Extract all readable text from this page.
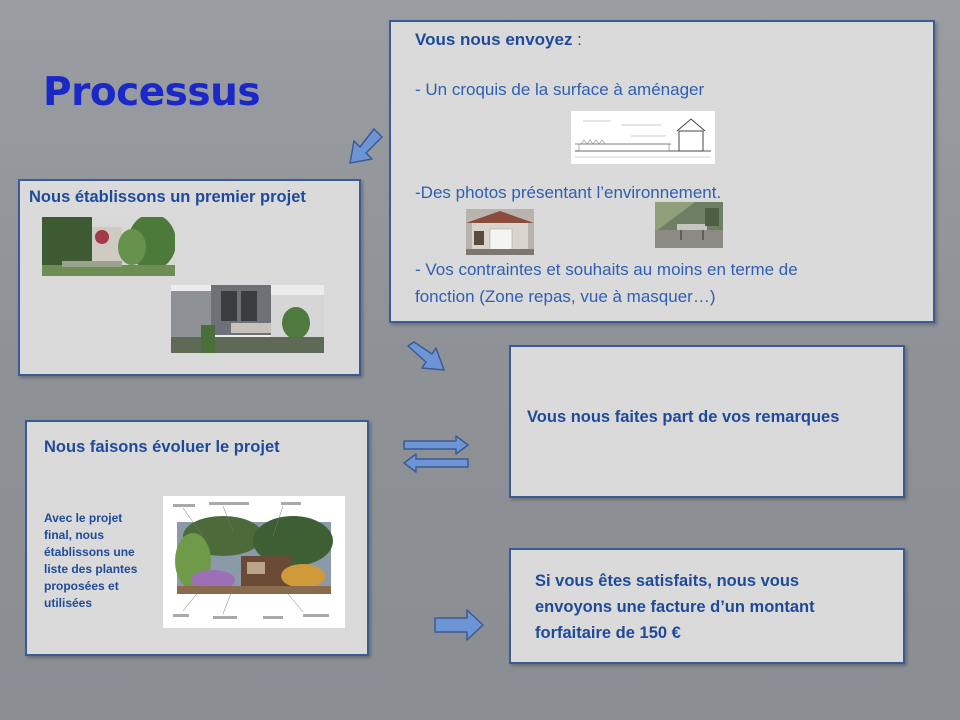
Processus
Vous nous envoyez :
- Un croquis de la surface à aménager
-Des photos présentant l’environnement.
- Vos contraintes et souhaits au moins en terme de
fonction (Zone repas, vue à masquer…)
Nous établissons un premier projet
Vous nous faites part de vos remarques
Nous faisons évoluer le projet
Avec le projet
final, nous
établissons une
liste des plantes
proposées et
utilisées
Si vous êtes satisfaits, nous vous
envoyons une facture d’un montant
forfaitaire de 150 €
